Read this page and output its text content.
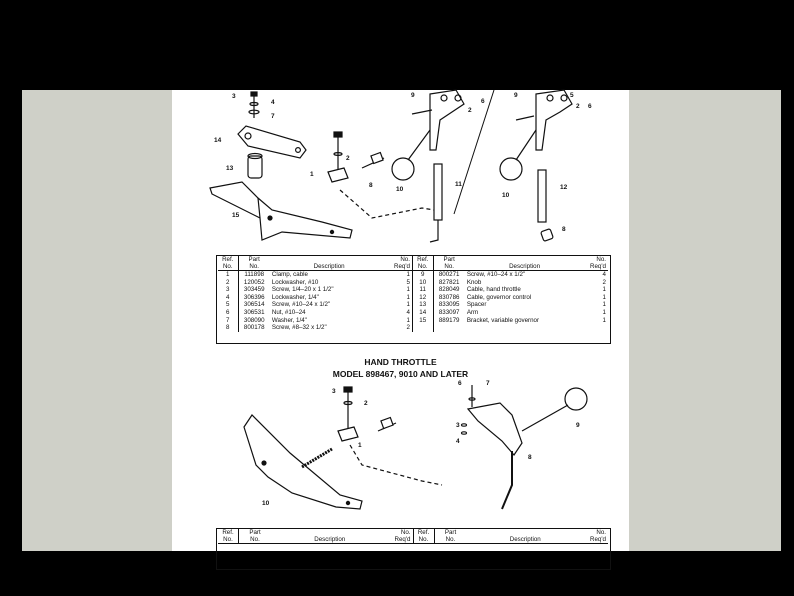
3
4
7
14
1
2
13
8
15
9
6
2
10
11
9	5
2 6
10
12
8
Ref.
No.	Part
No.	Description	No.
Req'd	Ref.
No.	Part
No.	Description	No.
Req'd
1	111898	Clamp, cable	1	9	800271	Screw, #10–24 x 1/2"	4
2	120052	Lockwasher, #10	5	10	827821	Knob	2
3	303459	Screw, 1/4–20 x 1 1/2"	1	11	828049	Cable, hand throttle	1
4	306396	Lockwasher, 1/4"	1	12	830786	Cable, governor control	1
5	306514	Screw, #10–24 x 1/2"	1	13	833095	Spacer	1
6	306531	Nut, #10–24	4	14	833097	Arm	1
7	308090	Washer, 1/4"	1	15	889179	Bracket, variable governor	1
8	800178	Screw, #8–32 x 1/2"	2				
HAND THROTTLE
MODEL 898467, 9010 AND LATER
3
2
1
6	7
3
4
9
8
10
Ref.
No.	Part
No.	Description	No.
Req'd	Ref.
No.	Part
No.	Description	No.
Req'd
